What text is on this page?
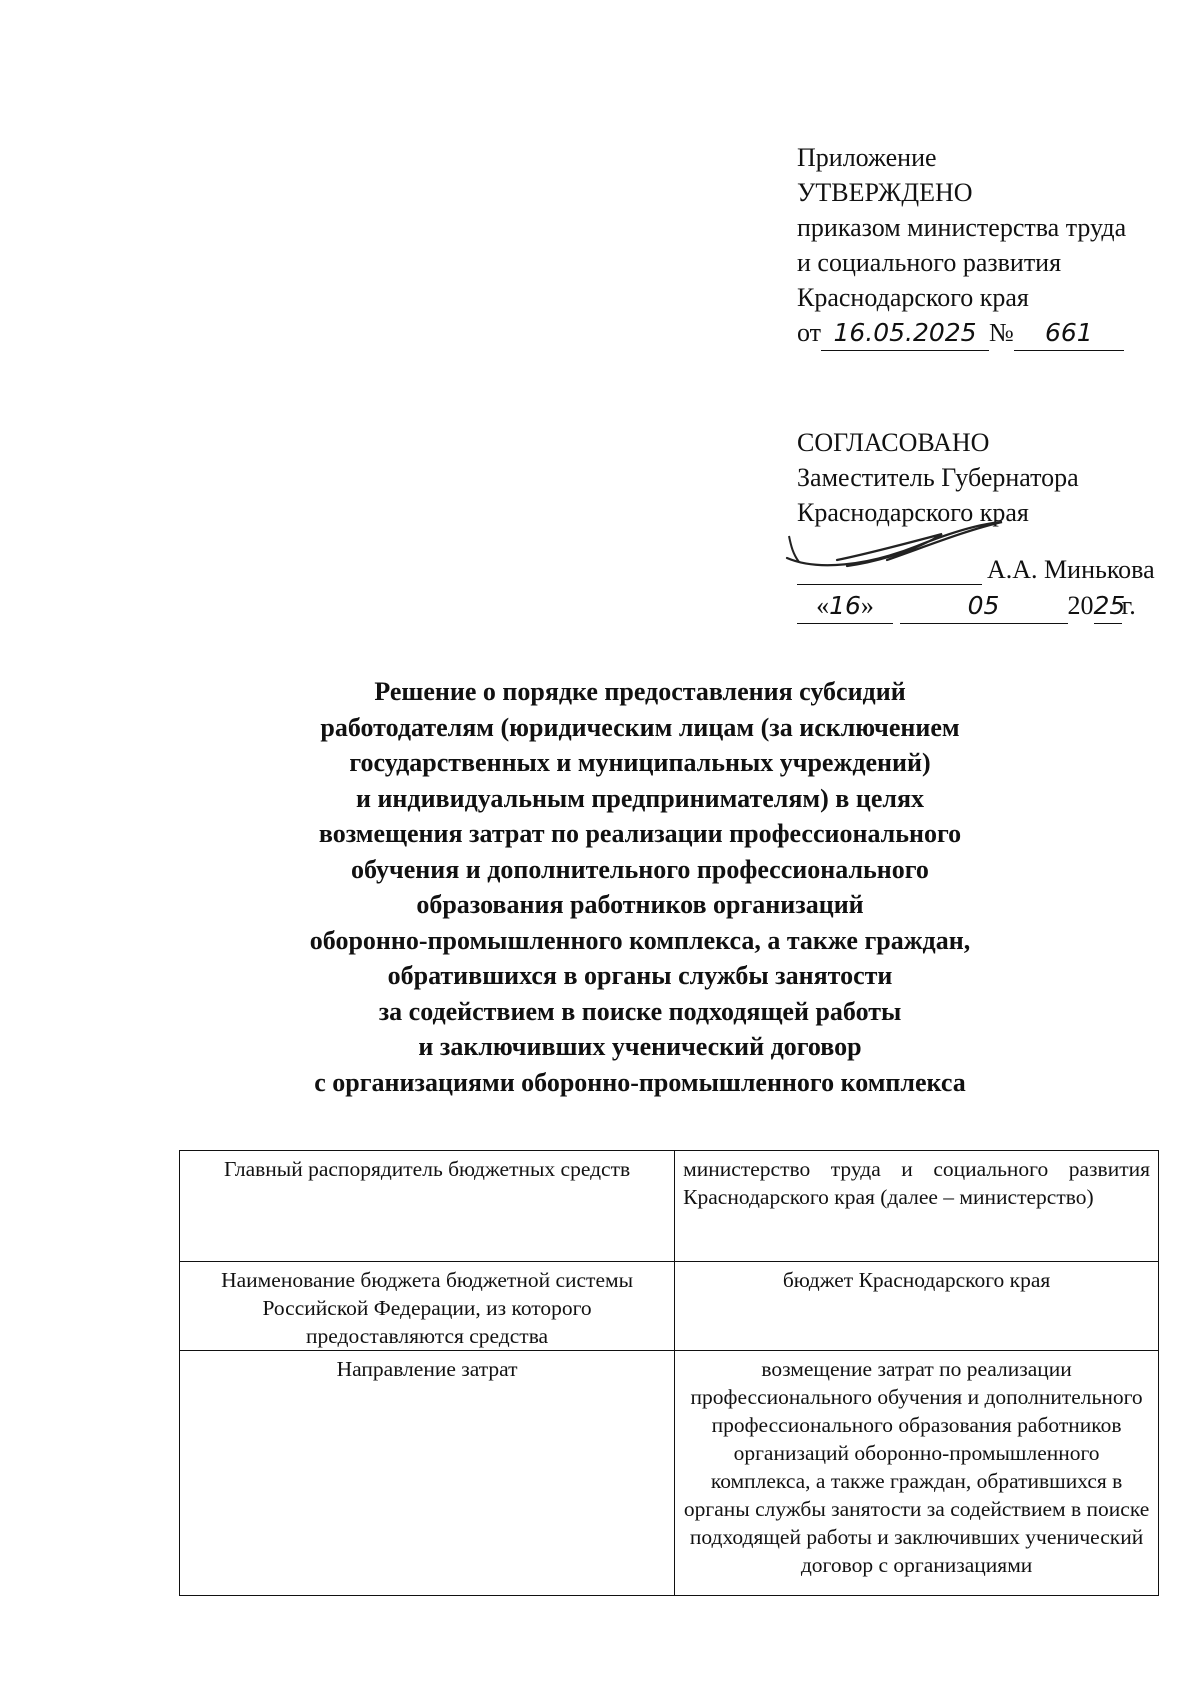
Приложение
УТВЕРЖДЕНО
приказом министерства труда
и социального развития
Краснодарского края
от 16.05.2025 № 661
СОГЛАСОВАНО
Заместитель Губернатора
Краснодарского края
А.А. Минькова
«16»	05	2025г.
Решение о порядке предоставления субсидий
работодателям (юридическим лицам (за исключением
государственных и муниципальных учреждений)
и индивидуальным предпринимателям) в целях
возмещения затрат по реализации профессионального
обучения и дополнительного профессионального
образования работников организаций
оборонно-промышленного комплекса, а также граждан,
обратившихся в органы службы занятости
за содействием в поиске подходящей работы
и заключивших ученический договор
с организациями оборонно-промышленного комплекса
Главный распорядитель бюджетных средств	министерство труда и социального развития Краснодарского края (далее – министерство)
Наименование бюджета бюджетной системы Российской Федерации, из которого предоставляются средства	бюджет Краснодарского края
Направление затрат	возмещение затрат по реализации профессионального обучения и дополнительного профессионального образования работников организаций оборонно-промышленного комплекса, а также граждан, обратившихся в органы службы занятости за содействием в поиске подходящей работы и заключивших ученический договор с организациями
